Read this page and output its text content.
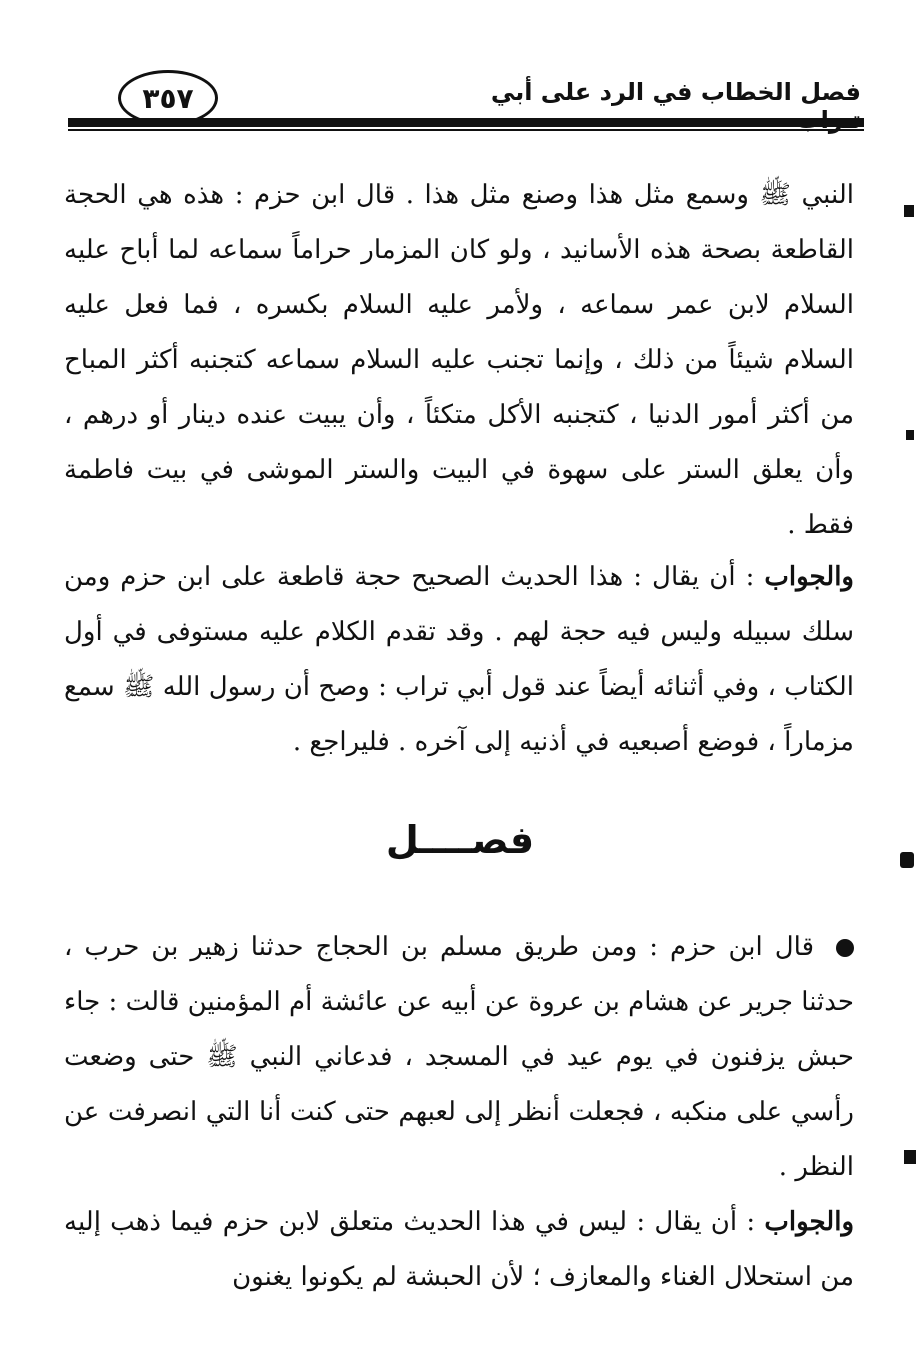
٣٥٧	فصل الخطاب في الرد على أبي
النبي ﷺ وسمع مثل هذا وصنع مثل هذا . قال ابن حزم : هذه هي الحجة القاطعة بصحة هذه الأسانيد ، ولو كان المزمار حراماً سماعه لما أباح عليه السلام لابن عمر سماعه ، ولأمر عليه السلام بكسره ، فما فعل عليه السلام شيئاً من ذلك ، وإنما تجنب عليه السلام سماعه كتجنبه أكثر المباح من أكثر أمور الدنيا ، كتجنبه الأكل متكئاً ، وأن يبيت عنده دينار أو درهم ، وأن يعلق الستر على سهوة في البيت والستر الموشى في بيت فاطمة فقط .
والجواب : أن يقال : هذا الحديث الصحيح حجة قاطعة على ابن حزم ومن سلك سبيله وليس فيه حجة لهم . وقد تقدم الكلام عليه مستوفى في أول الكتاب ، وفي أثنائه أيضاً عند قول أبي تراب : وصح أن رسول الله ﷺ سمع مزماراً ، فوضع أصبعيه في أذنيه إلى آخره . فليراجع .
فصــــل
قال ابن حزم : ومن طريق مسلم بن الحجاج حدثنا زهير بن حرب ، حدثنا جرير عن هشام بن عروة عن أبيه عن عائشة أم المؤمنين قالت : جاء حبش يزفنون في يوم عيد في المسجد ، فدعاني النبي ﷺ حتى وضعت رأسي على منكبه ، فجعلت أنظر إلى لعبهم حتى كنت أنا التي انصرفت عن النظر .
والجواب : أن يقال : ليس في هذا الحديث متعلق لابن حزم فيما ذهب إليه من استحلال الغناء والمعازف ؛ لأن الحبشة لم يكونوا يغنون
